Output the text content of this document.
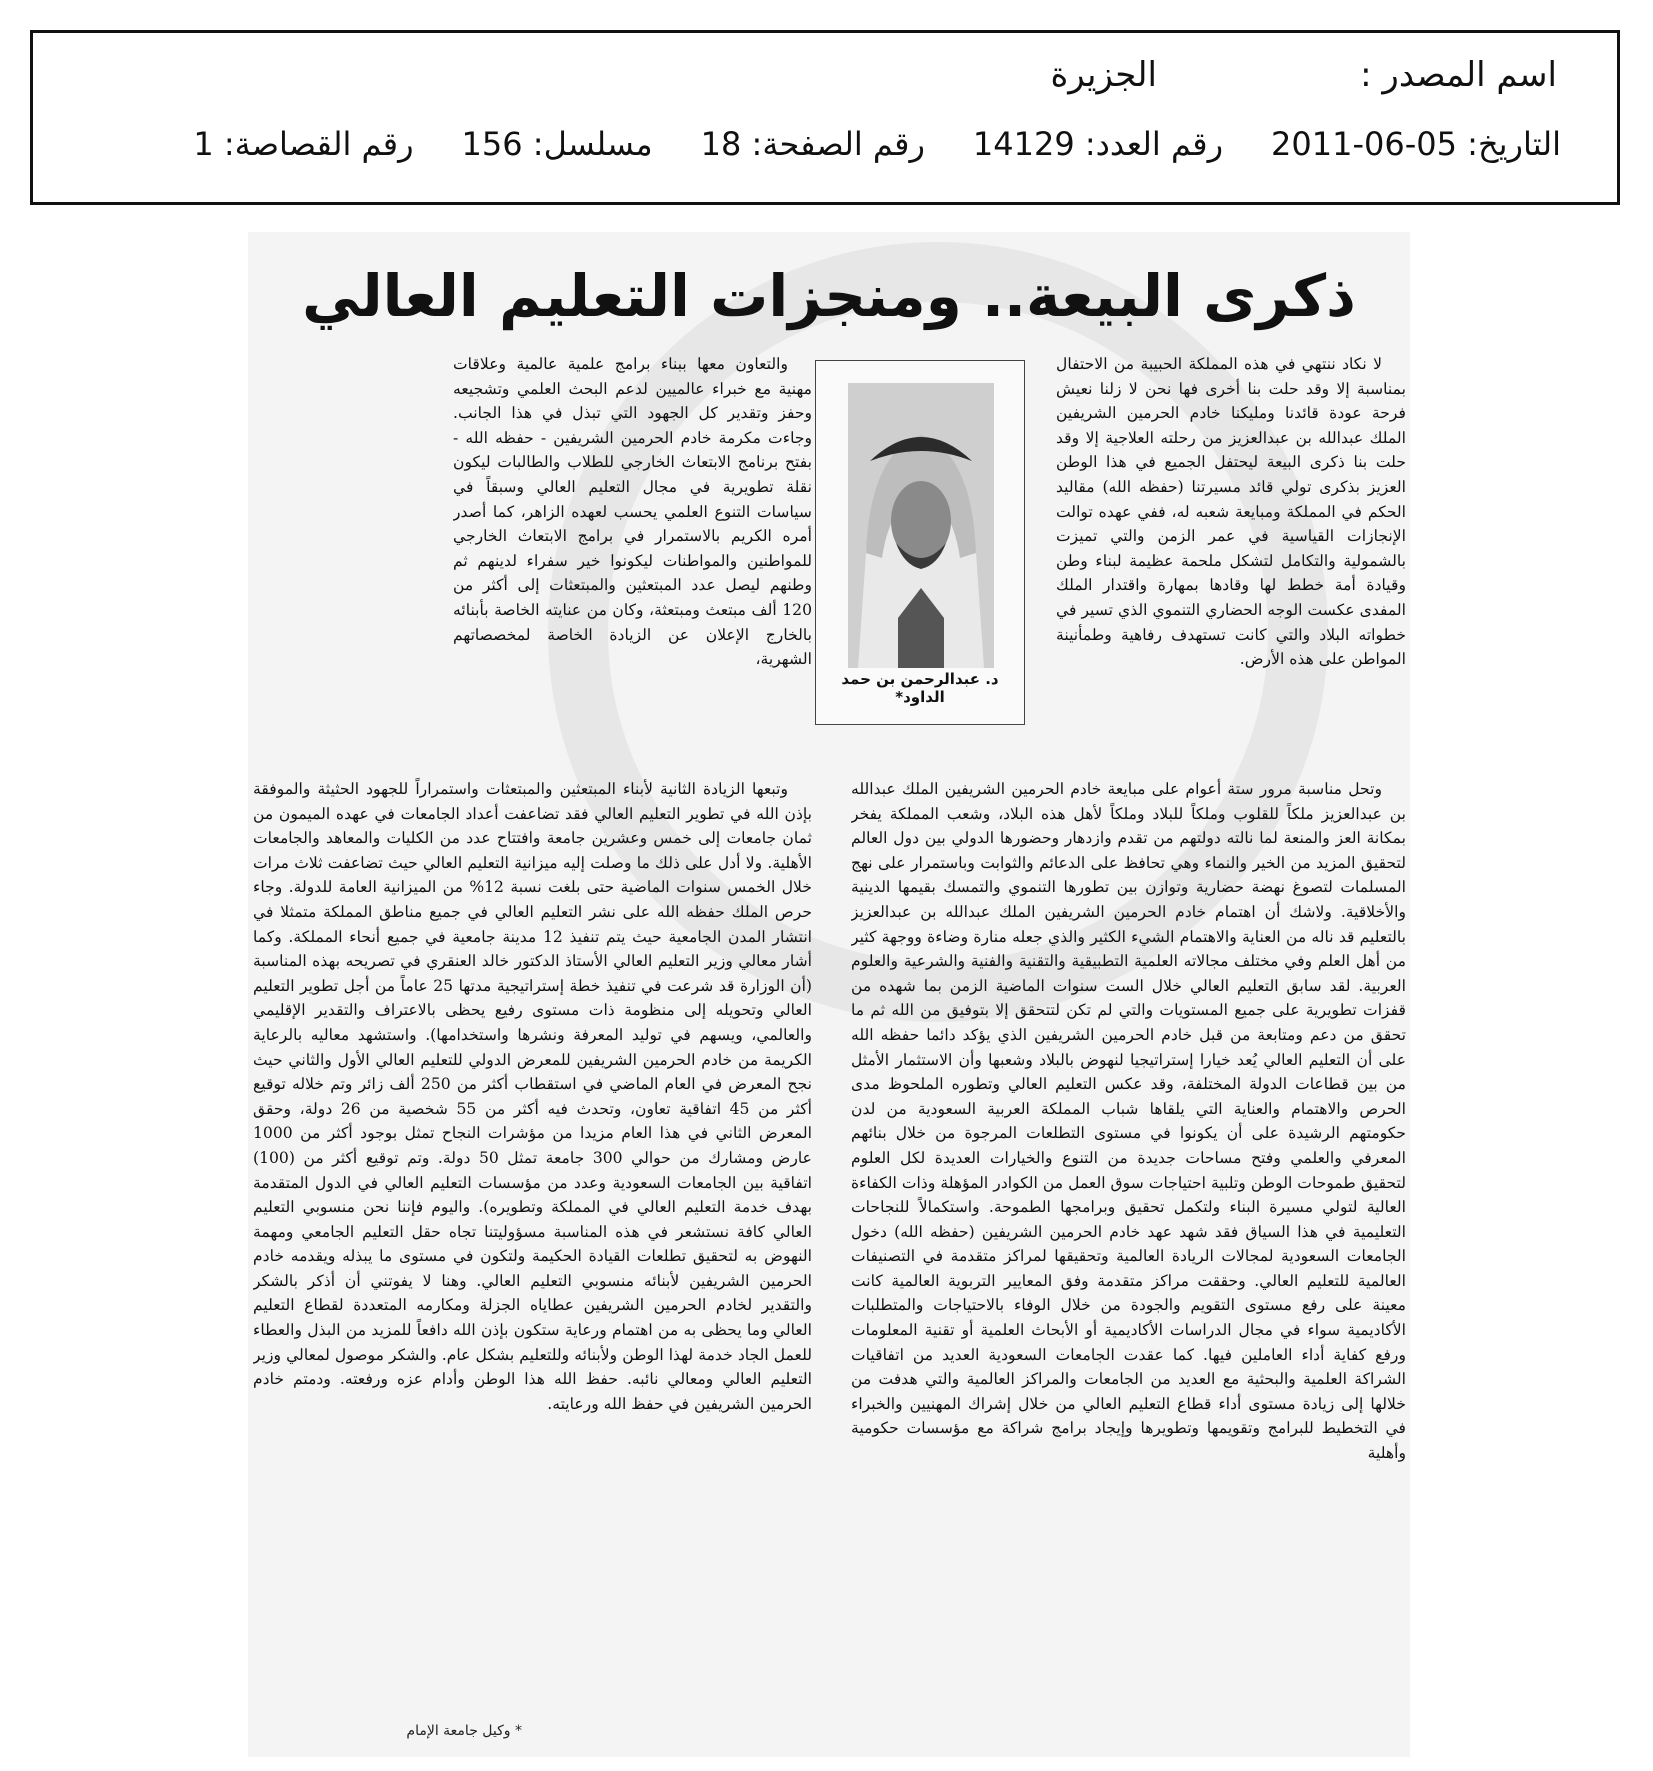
اسم المصدر :
الجزيرة
التاريخ: 05-06-2011
رقم العدد: 14129
رقم الصفحة: 18
مسلسل: 156
رقم القصاصة: 1
ذكرى البيعة.. ومنجزات التعليم العالي

لا نكاد ننتهي في هذه المملكة الحبيبة من الاحتفال بمناسبة إلا وقد حلت بنا أخرى فها نحن لا زلنا نعيش فرحة عودة قائدنا ومليكنا خادم الحرمين الشريفين الملك عبدالله بن عبدالعزيز من رحلته العلاجية إلا وقد حلت بنا ذكرى البيعة ليحتفل الجميع في هذا الوطن العزيز بذكرى تولي قائد مسيرتنا (حفظه الله) مقاليد الحكم في المملكة ومبايعة شعبه له، ففي عهده توالت الإنجازات القياسية في عمر الزمن والتي تميزت بالشمولية والتكامل لتشكل ملحمة عظيمة لبناء وطن وقيادة أمة خطط لها وقادها بمهارة واقتدار الملك المفدى عكست الوجه الحضاري التنموي الذي تسير في خطواته البلاد والتي كانت تستهدف رفاهية وطمأنينة المواطن على هذه الأرض.

د. عبدالرحمن بن حمد الداود*

والتعاون معها ببناء برامج علمية عالمية وعلاقات مهنية مع خبراء عالميين لدعم البحث العلمي وتشجيعه وحفز وتقدير كل الجهود التي تبذل في هذا الجانب. وجاءت مكرمة خادم الحرمين الشريفين - حفظه الله - بفتح برنامج الابتعاث الخارجي للطلاب والطالبات ليكون نقلة تطويرية في مجال التعليم العالي وسبقاً في سياسات التنوع العلمي يحسب لعهده الزاهر، كما أصدر أمره الكريم بالاستمرار في برامج الابتعاث الخارجي للمواطنين والمواطنات ليكونوا خير سفراء لدينهم ثم وطنهم ليصل عدد المبتعثين والمبتعثات إلى أكثر من 120 ألف مبتعث ومبتعثة، وكان من عنايته الخاصة بأبنائه بالخارج الإعلان عن الزيادة الخاصة لمخصصاتهم الشهرية،

وتحل مناسبة مرور ستة أعوام على مبايعة خادم الحرمين الشريفين الملك عبدالله بن عبدالعزيز ملكاً للقلوب وملكاً للبلاد وملكاً لأهل هذه البلاد، وشعب المملكة يفخر بمكانة العز والمنعة لما نالته دولتهم من تقدم وازدهار وحضورها الدولي بين دول العالم لتحقيق المزيد من الخير والنماء وهي تحافظ على الدعائم والثوابت وباستمرار على نهج المسلمات لتصوغ نهضة حضارية وتوازن بين تطورها التنموي والتمسك بقيمها الدينية والأخلاقية. ولاشك أن اهتمام خادم الحرمين الشريفين الملك عبدالله بن عبدالعزيز بالتعليم قد ناله من العناية والاهتمام الشيء الكثير والذي جعله منارة وضاءة ووجهة كثير من أهل العلم وفي مختلف مجالاته العلمية التطبيقية والتقنية والفنية والشرعية والعلوم العربية. لقد سابق التعليم العالي خلال الست سنوات الماضية الزمن بما شهده من قفزات تطويرية على جميع المستويات والتي لم تكن لتتحقق إلا بتوفيق من الله ثم ما تحقق من دعم ومتابعة من قبل خادم الحرمين الشريفين الذي يؤكد دائما حفظه الله على أن التعليم العالي يُعد خيارا إستراتيجيا لنهوض بالبلاد وشعبها وأن الاستثمار الأمثل من بين قطاعات الدولة المختلفة، وقد عكس التعليم العالي وتطوره الملحوظ مدى الحرص والاهتمام والعناية التي يلقاها شباب المملكة العربية السعودية من لدن حكومتهم الرشيدة على أن يكونوا في مستوى التطلعات المرجوة من خلال بنائهم المعرفي والعلمي وفتح مساحات جديدة من التنوع والخيارات العديدة لكل العلوم لتحقيق طموحات الوطن وتلبية احتياجات سوق العمل من الكوادر المؤهلة وذات الكفاءة العالية لتولي مسيرة البناء ولتكمل تحقيق وبرامجها الطموحة. واستكمالاً للنجاحات التعليمية في هذا السياق فقد شهد عهد خادم الحرمين الشريفين (حفظه الله) دخول الجامعات السعودية لمجالات الريادة العالمية وتحقيقها لمراكز متقدمة في التصنيفات العالمية للتعليم العالي. وحققت مراكز متقدمة وفق المعايير التربوية العالمية كانت معينة على رفع مستوى التقويم والجودة من خلال الوفاء بالاحتياجات والمتطلبات الأكاديمية سواء في مجال الدراسات الأكاديمية أو الأبحاث العلمية أو تقنية المعلومات ورفع كفاية أداء العاملين فيها. كما عقدت الجامعات السعودية العديد من اتفاقيات الشراكة العلمية والبحثية مع العديد من الجامعات والمراكز العالمية والتي هدفت من خلالها إلى زيادة مستوى أداء قطاع التعليم العالي من خلال إشراك المهنيين والخبراء في التخطيط للبرامج وتقويمها وتطويرها وإيجاد برامج شراكة مع مؤسسات حكومية وأهلية

وتبعها الزيادة الثانية لأبناء المبتعثين والمبتعثات واستمراراً للجهود الحثيثة والموفقة بإذن الله في تطوير التعليم العالي فقد تضاعفت أعداد الجامعات في عهده الميمون من ثمان جامعات إلى خمس وعشرين جامعة وافتتاح عدد من الكليات والمعاهد والجامعات الأهلية. ولا أدل على ذلك ما وصلت إليه ميزانية التعليم العالي حيث تضاعفت ثلاث مرات خلال الخمس سنوات الماضية حتى بلغت نسبة 12% من الميزانية العامة للدولة. وجاء حرص الملك حفظه الله على نشر التعليم العالي في جميع مناطق المملكة متمثلا في انتشار المدن الجامعية حيث يتم تنفيذ 12 مدينة جامعية في جميع أنحاء المملكة. وكما أشار معالي وزير التعليم العالي الأستاذ الدكتور خالد العنقري في تصريحه بهذه المناسبة (أن الوزارة قد شرعت في تنفيذ خطة إستراتيجية مدتها 25 عاماً من أجل تطوير التعليم العالي وتحويله إلى منظومة ذات مستوى رفيع يحظى بالاعتراف والتقدير الإقليمي والعالمي، ويسهم في توليد المعرفة ونشرها واستخدامها). واستشهد معاليه بالرعاية الكريمة من خادم الحرمين الشريفين للمعرض الدولي للتعليم العالي الأول والثاني حيث نجح المعرض في العام الماضي في استقطاب أكثر من 250 ألف زائر وتم خلاله توقيع أكثر من 45 اتفاقية تعاون، وتحدث فيه أكثر من 55 شخصية من 26 دولة، وحقق المعرض الثاني في هذا العام مزيدا من مؤشرات النجاح تمثل بوجود أكثر من 1000 عارض ومشارك من حوالي 300 جامعة تمثل 50 دولة. وتم توقيع أكثر من (100) اتفاقية بين الجامعات السعودية وعدد من مؤسسات التعليم العالي في الدول المتقدمة بهدف خدمة التعليم العالي في المملكة وتطويره). واليوم فإننا نحن منسوبي التعليم العالي كافة نستشعر في هذه المناسبة مسؤوليتنا تجاه حقل التعليم الجامعي ومهمة النهوض به لتحقيق تطلعات القيادة الحكيمة ولتكون في مستوى ما يبذله ويقدمه خادم الحرمين الشريفين لأبنائه منسوبي التعليم العالي. وهنا لا يفوتني أن أذكر بالشكر والتقدير لخادم الحرمين الشريفين عطاياه الجزلة ومكارمه المتعددة لقطاع التعليم العالي وما يحظى به من اهتمام ورعاية ستكون بإذن الله دافعاً للمزيد من البذل والعطاء للعمل الجاد خدمة لهذا الوطن ولأبنائه وللتعليم بشكل عام. والشكر موصول لمعالي وزير التعليم العالي ومعالي نائبه. حفظ الله هذا الوطن وأدام عزه ورفعته. ودمتم خادم الحرمين الشريفين في حفظ الله ورعايته.

* وكيل جامعة الإمام
